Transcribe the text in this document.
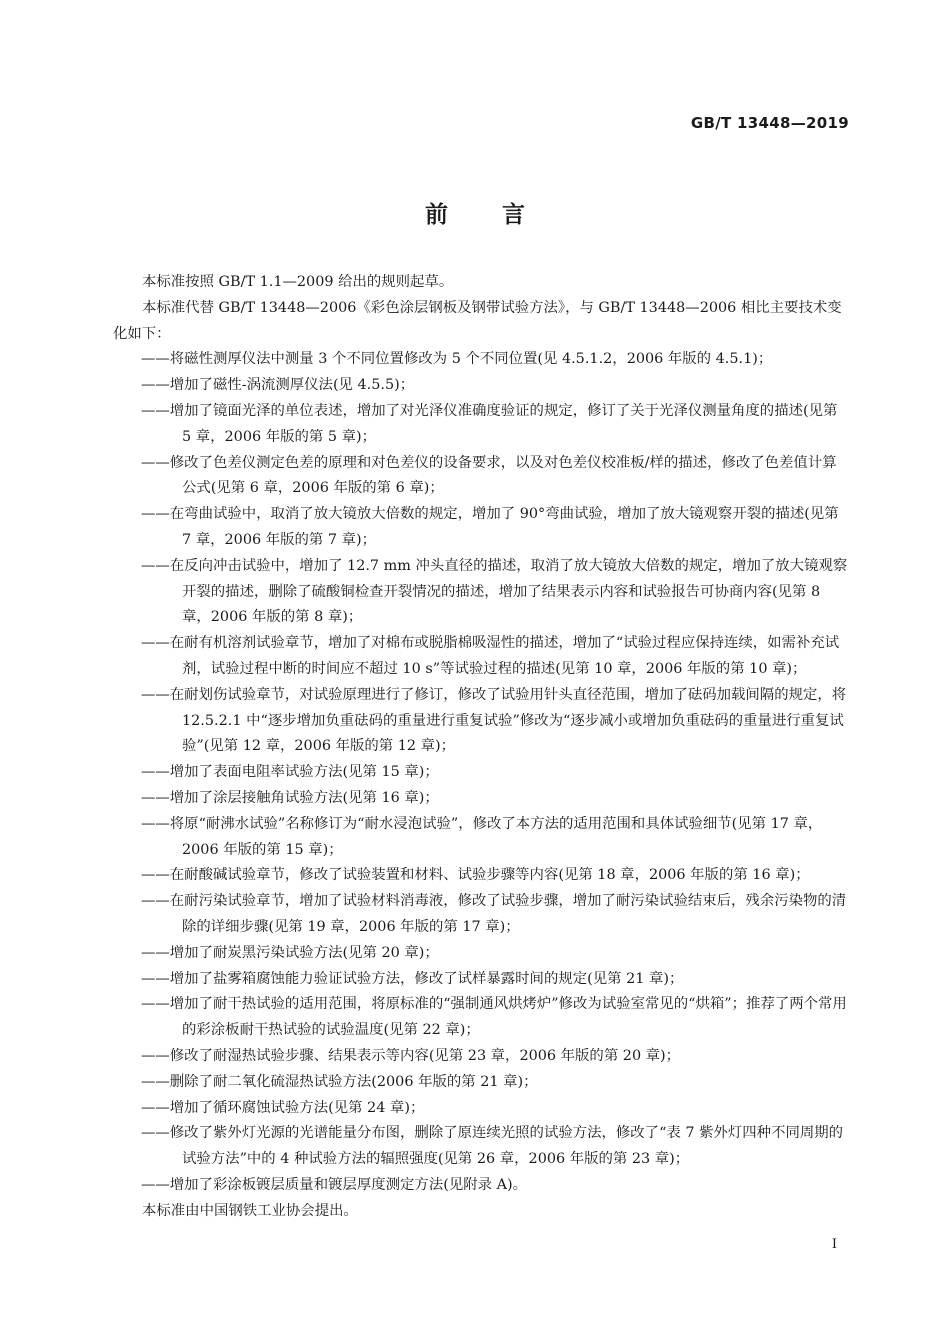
GB/T 13448—2019
前言

本标准按照 GB/T 1.1—2009 给出的规则起草。

本标准代替 GB/T 13448—2006《彩色涂层钢板及钢带试验方法》，与 GB/T 13448—2006 相比主要技术变化如下：

——将磁性测厚仪法中测量 3 个不同位置修改为 5 个不同位置(见 4.5.1.2，2006 年版的 4.5.1)；

——增加了磁性-涡流测厚仪法(见 4.5.5)；

——增加了镜面光泽的单位表述，增加了对光泽仪准确度验证的规定，修订了关于光泽仪测量角度的描述(见第 5 章，2006 年版的第 5 章)；

——修改了色差仪测定色差的原理和对色差仪的设备要求，以及对色差仪校准板/样的描述，修改了色差值计算公式(见第 6 章，2006 年版的第 6 章)；

——在弯曲试验中，取消了放大镜放大倍数的规定，增加了 90°弯曲试验，增加了放大镜观察开裂的描述(见第 7 章，2006 年版的第 7 章)；

——在反向冲击试验中，增加了 12.7 mm 冲头直径的描述，取消了放大镜放大倍数的规定，增加了放大镜观察开裂的描述，删除了硫酸铜检查开裂情况的描述，增加了结果表示内容和试验报告可协商内容(见第 8 章，2006 年版的第 8 章)；

——在耐有机溶剂试验章节，增加了对棉布或脱脂棉吸湿性的描述，增加了“试验过程应保持连续，如需补充试剂，试验过程中断的时间应不超过 10 s”等试验过程的描述(见第 10 章，2006 年版的第 10 章)；

——在耐划伤试验章节，对试验原理进行了修订，修改了试验用针头直径范围，增加了砝码加载间隔的规定，将 12.5.2.1 中“逐步增加负重砝码的重量进行重复试验”修改为“逐步减小或增加负重砝码的重量进行重复试验”(见第 12 章，2006 年版的第 12 章)；

——增加了表面电阻率试验方法(见第 15 章)；

——增加了涂层接触角试验方法(见第 16 章)；

——将原“耐沸水试验”名称修订为“耐水浸泡试验”，修改了本方法的适用范围和具体试验细节(见第 17 章，2006 年版的第 15 章)；

——在耐酸碱试验章节，修改了试验装置和材料、试验步骤等内容(见第 18 章，2006 年版的第 16 章)；

——在耐污染试验章节，增加了试验材料消毒液，修改了试验步骤，增加了耐污染试验结束后，残余污染物的清除的详细步骤(见第 19 章，2006 年版的第 17 章)；

——增加了耐炭黑污染试验方法(见第 20 章)；

——增加了盐雾箱腐蚀能力验证试验方法，修改了试样暴露时间的规定(见第 21 章)；

——增加了耐干热试验的适用范围，将原标准的“强制通风烘烤炉”修改为试验室常见的“烘箱”；推荐了两个常用的彩涂板耐干热试验的试验温度(见第 22 章)；

——修改了耐湿热试验步骤、结果表示等内容(见第 23 章，2006 年版的第 20 章)；

——删除了耐二氧化硫湿热试验方法(2006 年版的第 21 章)；

——增加了循环腐蚀试验方法(见第 24 章)；

——修改了紫外灯光源的光谱能量分布图，删除了原连续光照的试验方法，修改了“表 7 紫外灯四种不同周期的试验方法”中的 4 种试验方法的辐照强度(见第 26 章，2006 年版的第 23 章)；

——增加了彩涂板镀层质量和镀层厚度测定方法(见附录 A)。

本标准由中国钢铁工业协会提出。

I
